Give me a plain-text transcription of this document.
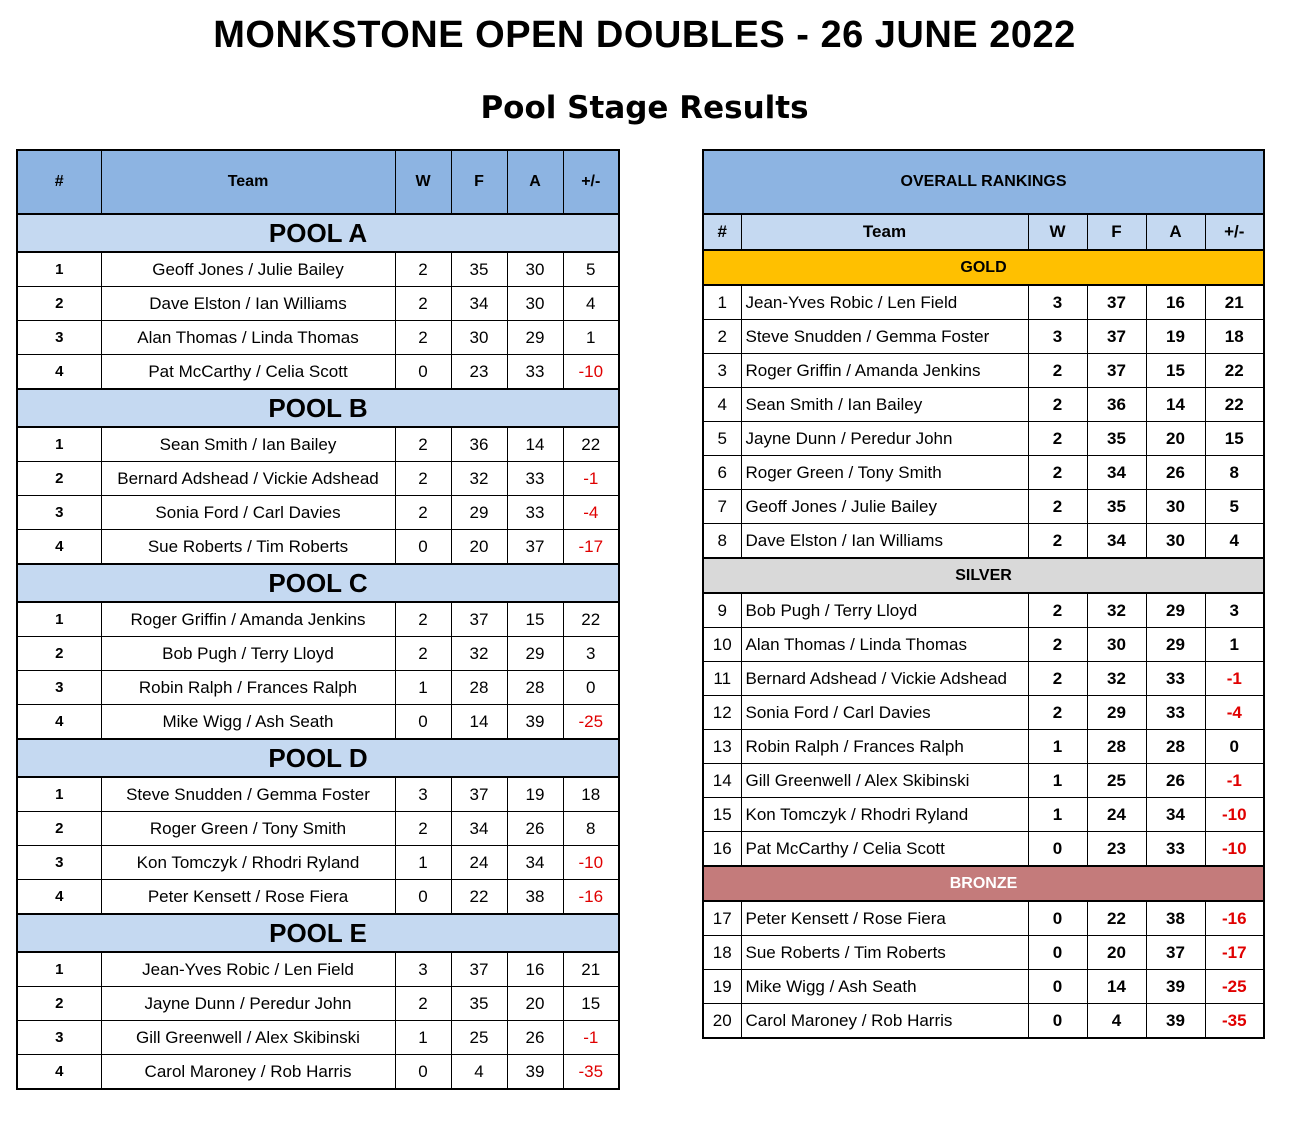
MONKSTONE OPEN DOUBLES - 26 JUNE 2022
Pool Stage Results
#	Team	W	F	A	+/-
POOL A					
1	Geoff Jones / Julie Bailey	2	35	30	5
2	Dave Elston / Ian Williams	2	34	30	4
3	Alan Thomas / Linda Thomas	2	30	29	1
4	Pat McCarthy / Celia Scott	0	23	33	-10
POOL B					
1	Sean Smith / Ian Bailey	2	36	14	22
2	Bernard Adshead / Vickie Adshead	2	32	33	-1
3	Sonia Ford / Carl Davies	2	29	33	-4
4	Sue Roberts / Tim Roberts	0	20	37	-17
POOL C					
1	Roger Griffin / Amanda Jenkins	2	37	15	22
2	Bob Pugh / Terry Lloyd	2	32	29	3
3	Robin Ralph / Frances Ralph	1	28	28	0
4	Mike Wigg / Ash Seath	0	14	39	-25
POOL D					
1	Steve Snudden / Gemma Foster	3	37	19	18
2	Roger Green / Tony Smith	2	34	26	8
3	Kon Tomczyk / Rhodri Ryland	1	24	34	-10
4	Peter Kensett / Rose Fiera	0	22	38	-16
POOL E					
1	Jean-Yves Robic / Len Field	3	37	16	21
2	Jayne Dunn / Peredur John	2	35	20	15
3	Gill Greenwell / Alex Skibinski	1	25	26	-1
4	Carol Maroney / Rob Harris	0	4	39	-35
OVERALL RANKINGS					
#	Team	W	F	A	+/-
GOLD					
1	Jean-Yves Robic / Len Field	3	37	16	21
2	Steve Snudden / Gemma Foster	3	37	19	18
3	Roger Griffin / Amanda Jenkins	2	37	15	22
4	Sean Smith / Ian Bailey	2	36	14	22
5	Jayne Dunn / Peredur John	2	35	20	15
6	Roger Green / Tony Smith	2	34	26	8
7	Geoff Jones / Julie Bailey	2	35	30	5
8	Dave Elston / Ian Williams	2	34	30	4
SILVER					
9	Bob Pugh / Terry Lloyd	2	32	29	3
10	Alan Thomas / Linda Thomas	2	30	29	1
11	Bernard Adshead / Vickie Adshead	2	32	33	-1
12	Sonia Ford / Carl Davies	2	29	33	-4
13	Robin Ralph / Frances Ralph	1	28	28	0
14	Gill Greenwell / Alex Skibinski	1	25	26	-1
15	Kon Tomczyk / Rhodri Ryland	1	24	34	-10
16	Pat McCarthy / Celia Scott	0	23	33	-10
BRONZE					
17	Peter Kensett / Rose Fiera	0	22	38	-16
18	Sue Roberts / Tim Roberts	0	20	37	-17
19	Mike Wigg / Ash Seath	0	14	39	-25
20	Carol Maroney / Rob Harris	0	4	39	-35
